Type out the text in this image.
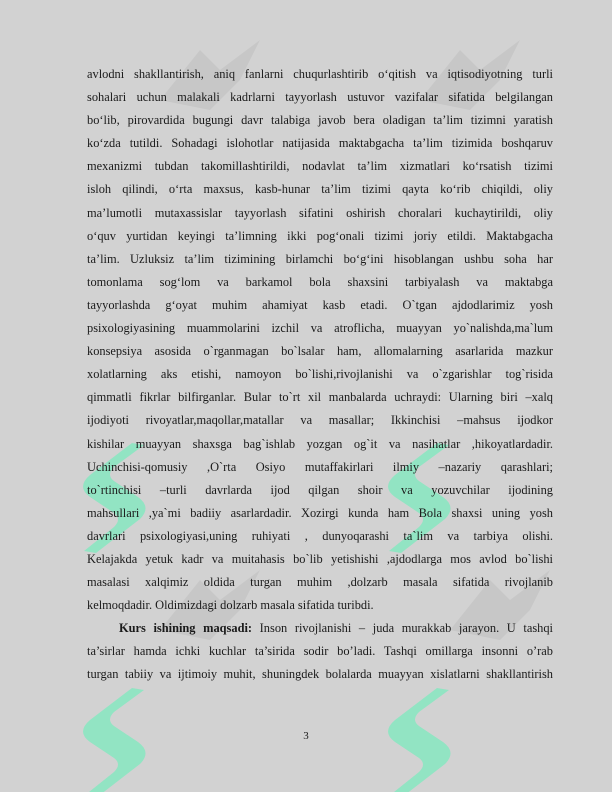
avlodni shakllantirish, aniq fanlarni chuqurlashtirib o‘qitish va iqtisodiyotning turli
sohalari uchun malakali kadrlarni tayyorlash ustuvor vazifalar sifatida belgilangan
bo‘lib, pirovardida bugungi davr talabiga javob bera oladigan ta’lim tizimni yaratish
ko‘zda tutildi. Sohadagi islohotlar natijasida maktabgacha ta’lim tizimida boshqaruv
mexanizmi tubdan takomillashtirildi, nodavlat ta’lim xizmatlari ko‘rsatish tizimi
isloh qilindi, o‘rta maxsus, kasb-hunar ta’lim tizimi qayta ko‘rib chiqildi, oliy
ma’lumotli mutaxassislar tayyorlash sifatini oshirish choralari kuchaytirildi, oliy
o‘quv yurtidan keyingi ta’limning ikki pog‘onali tizimi joriy etildi. Maktabgacha
ta’lim. Uzluksiz ta’lim tizimining birlamchi bo‘g‘ini hisoblangan ushbu soha har
tomonlama sog‘lom va barkamol bola shaxsini tarbiyalash va maktabga
tayyorlashda g‘oyat muhim ahamiyat kasb etadi. O`tgan ajdodlarimiz yosh
psixologiyasining muammolarini izchil va atroflicha, muayyan yo`nalishda,ma`lum
konsepsiya asosida o`rganmagan bo`lsalar ham, allomalarning asarlarida mazkur
xolatlarning aks etishi, namoyon bo`lishi,rivojlanishi va o`zgarishlar tog`risida
qimmatli fikrlar bilfirganlar. Bular to`rt xil manbalarda uchraydi: Ularning biri –xalq
ijodiyoti rivoyatlar,maqollar,matallar va masallar; Ikkinchisi –mahsus ijodkor
kishilar muayyan shaxsga bag`ishlab yozgan og`it va nasihatlar ,hikoyatlardadir.
Uchinchisi-qomusiy ,O`rta Osiyo mutaffakirlari ilmiy –nazariy qarashlari;
to`rtinchisi –turli davrlarda ijod qilgan shoir va yozuvchilar ijodining
mahsullari ,ya`mi badiiy asarlardadir. Xozirgi kunda ham Bola shaxsi uning yosh
davrlari psixologiyasi,uning ruhiyati , dunyoqarashi ta`lim va tarbiya olishi.
Kelajakda yetuk kadr va muitahasis bo`lib yetishishi ,ajdodlarga mos avlod bo`lishi
masalasi xalqimiz oldida turgan muhim ,dolzarb masala sifatida rivojlanib
kelmoqdadir. Oldimizdagi dolzarb masala sifatida turibdi.
Kurs ishining maqsadi: Inson rivojlanishi – juda murakkab jarayon. U tashqi
ta’sirlar hamda ichki kuchlar ta’sirida sodir bo’ladi. Tashqi omillarga insonni o’rab
turgan tabiiy va ijtimoiy muhit, shuningdek bolalarda muayyan xislatlarni shakllantirish
3
